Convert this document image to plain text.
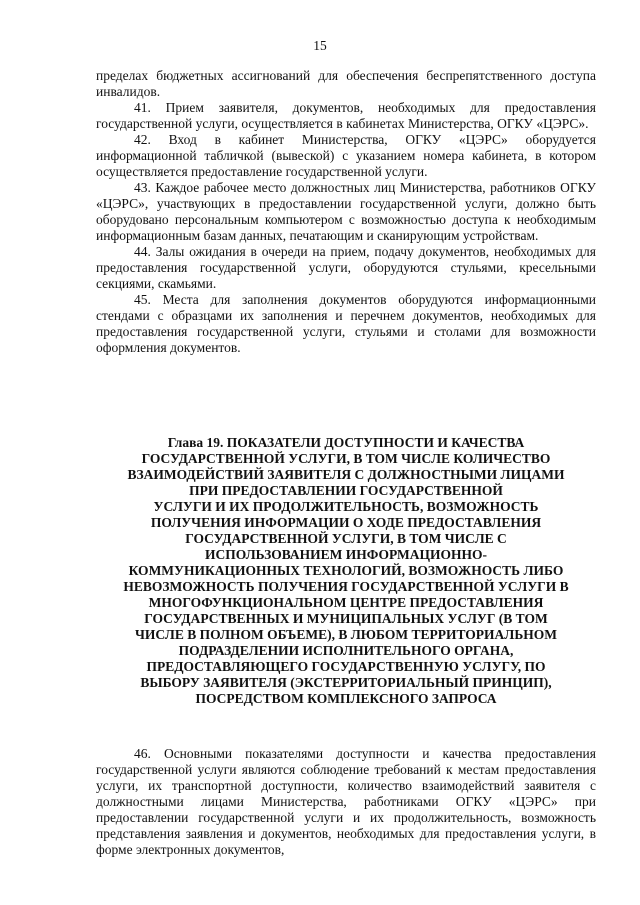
15

пределах бюджетных ассигнований для обеспечения беспрепятственного доступа инвалидов.

41. Прием заявителя, документов, необходимых для предоставления государственной услуги, осуществляется в кабинетах Министерства, ОГКУ «ЦЭРС».

42. Вход в кабинет Министерства, ОГКУ «ЦЭРС» оборудуется информационной табличкой (вывеской) с указанием номера кабинета, в котором осуществляется предоставление государственной услуги.

43. Каждое рабочее место должностных лиц Министерства, работников ОГКУ «ЦЭРС», участвующих в предоставлении государственной услуги, должно быть оборудовано персональным компьютером с возможностью доступа к необходимым информационным базам данных, печатающим и сканирующим устройствам.

44. Залы ожидания в очереди на прием, подачу документов, необходимых для предоставления государственной услуги, оборудуются стульями, кресельными секциями, скамьями.

45. Места для заполнения документов оборудуются информационными стендами с образцами их заполнения и перечнем документов, необходимых для предоставления государственной услуги, стульями и столами для возможности оформления документов.

Глава 19. ПОКАЗАТЕЛИ ДОСТУПНОСТИ И КАЧЕСТВА
ГОСУДАРСТВЕННОЙ УСЛУГИ, В ТОМ ЧИСЛЕ КОЛИЧЕСТВО
ВЗАИМОДЕЙСТВИЙ ЗАЯВИТЕЛЯ С ДОЛЖНОСТНЫМИ ЛИЦАМИ
ПРИ ПРЕДОСТАВЛЕНИИ ГОСУДАРСТВЕННОЙ
УСЛУГИ И ИХ ПРОДОЛЖИТЕЛЬНОСТЬ, ВОЗМОЖНОСТЬ
ПОЛУЧЕНИЯ ИНФОРМАЦИИ О ХОДЕ ПРЕДОСТАВЛЕНИЯ
ГОСУДАРСТВЕННОЙ УСЛУГИ, В ТОМ ЧИСЛЕ С
ИСПОЛЬЗОВАНИЕМ ИНФОРМАЦИОННО-
КОММУНИКАЦИОННЫХ ТЕХНОЛОГИЙ, ВОЗМОЖНОСТЬ ЛИБО
НЕВОЗМОЖНОСТЬ ПОЛУЧЕНИЯ ГОСУДАРСТВЕННОЙ УСЛУГИ В
МНОГОФУНКЦИОНАЛЬНОМ ЦЕНТРЕ ПРЕДОСТАВЛЕНИЯ
ГОСУДАРСТВЕННЫХ И МУНИЦИПАЛЬНЫХ УСЛУГ (В ТОМ
ЧИСЛЕ В ПОЛНОМ ОБЪЕМЕ), В ЛЮБОМ ТЕРРИТОРИАЛЬНОМ
ПОДРАЗДЕЛЕНИИ ИСПОЛНИТЕЛЬНОГО ОРГАНА,
ПРЕДОСТАВЛЯЮЩЕГО ГОСУДАРСТВЕННУЮ УСЛУГУ, ПО
ВЫБОРУ ЗАЯВИТЕЛЯ (ЭКСТЕРРИТОРИАЛЬНЫЙ ПРИНЦИП),
ПОСРЕДСТВОМ КОМПЛЕКСНОГО ЗАПРОСА

46. Основными показателями доступности и качества предоставления государственной услуги являются соблюдение требований к местам предоставления услуги, их транспортной доступности, количество взаимодействий заявителя с должностными лицами Министерства, работниками ОГКУ «ЦЭРС» при предоставлении государственной услуги и их продолжительность, возможность представления заявления и документов, необходимых для предоставления услуги, в форме электронных документов,
